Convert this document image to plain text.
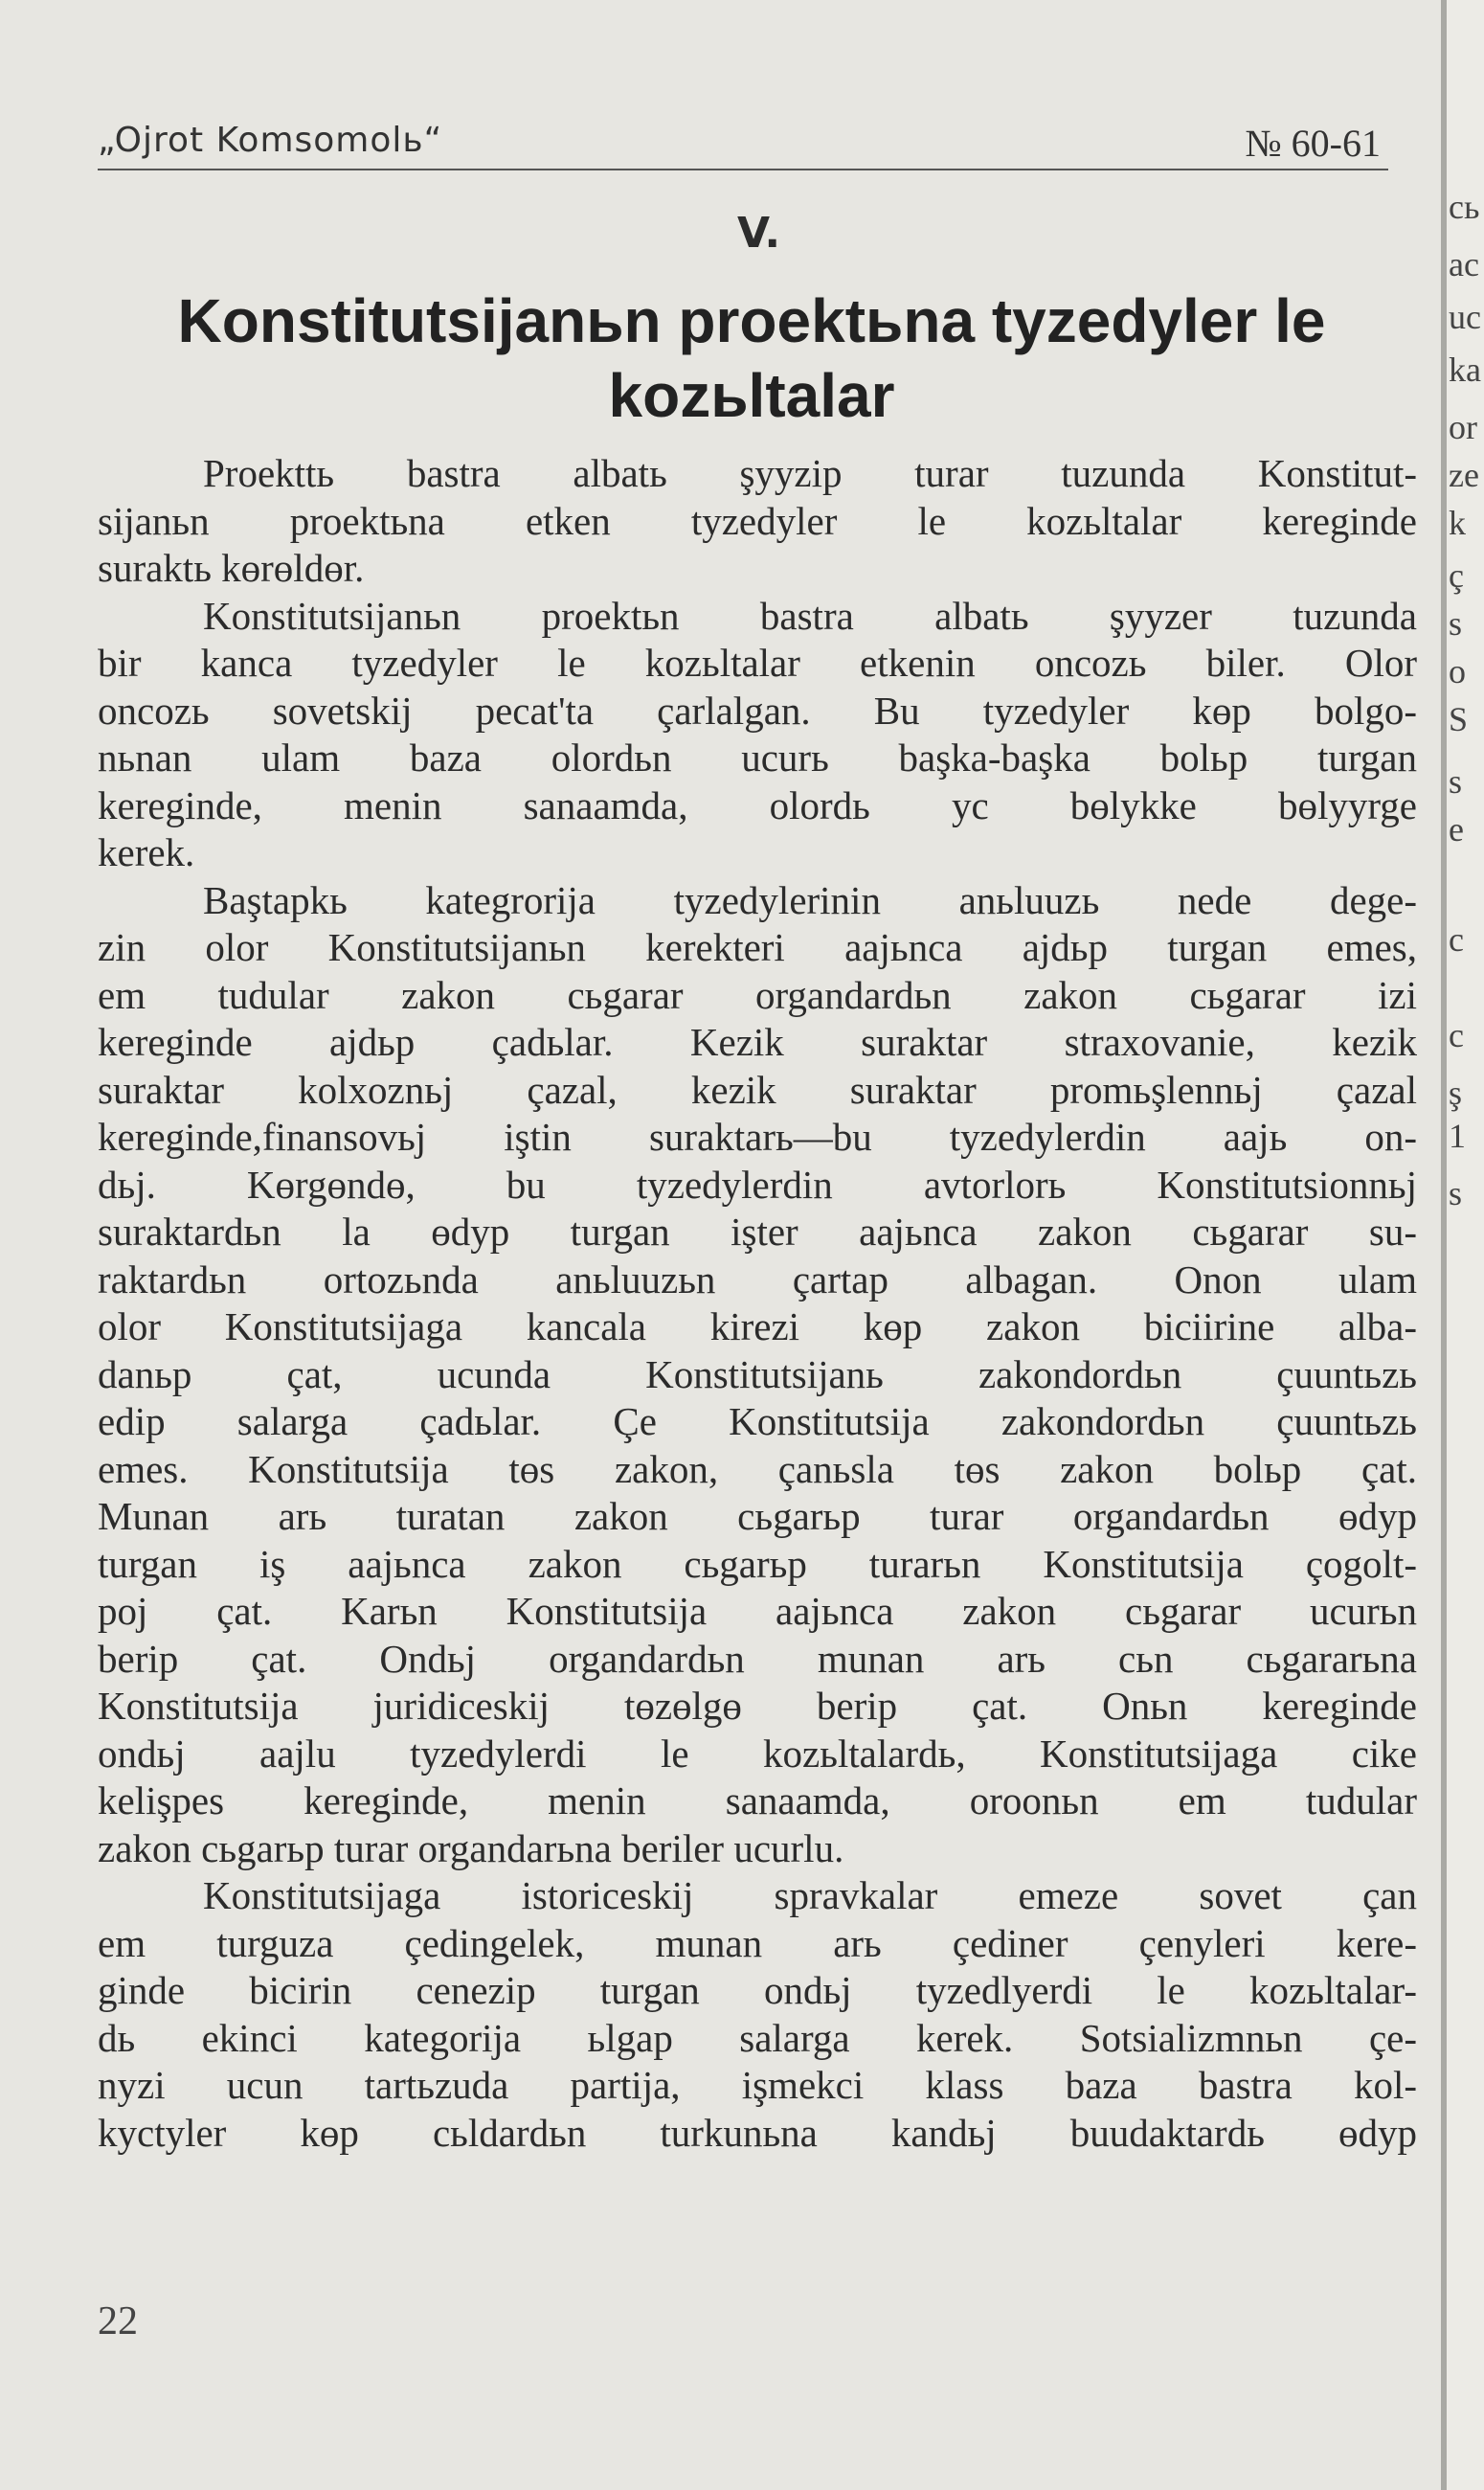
„Ojrot Komsomolь“	№ 60-61
V.
Konstitutsijanьn proektьna tyzedyler le
kozьltalar
Proekttь bastra albatь şyyzip turar tuzunda Konstitut-
sijanьn proektьna etken tyzedyler le kozьltalar kereginde
suraktь kөrөldөr.
Konstitutsijanьn proektьn bastra albatь şyyzer tuzunda
bir kanca tyzedyler le kozьltalar etkenin oncozь biler. Olor
oncozь sovetskij pecat'ta çarlalgan. Bu tyzedyler kөp bolgo-
nьnan ulam baza olordьn ucurь başka-başka bolьp turgan
kereginde, menin sanaamda, olordь yc bөlykke bөlyyrge
kerek.
Baştapkь kategrorija tyzedylerinin anьluuzь nede dege-
zin olor Konstitutsijanьn kerekteri aajьnca ajdьp turgan emes,
em tudular zakon cьgarar organdardьn zakon cьgarar izi
kereginde ajdьp çadьlar. Kezik suraktar straxovanie, kezik
suraktar kolxoznьj çazal, kezik suraktar promьşlennьj çazal
kereginde,finansovьj iştin suraktarь—bu tyzedylerdin aajь on-
dьj. Kөrgөndө, bu tyzedylerdin avtorlorь Konstitutsionnьj
suraktardьn la өdyp turgan işter aajьnca zakon cьgarar su-
raktardьn ortozьnda anьluuzьn çartap albagan. Onon ulam
olor Konstitutsijaga kancala kirezi kөp zakon biciirine alba-
danьp çat, ucunda Konstitutsijanь zakondordьn çuuntьzь
edip salarga çadьlar. Çe Konstitutsija zakondordьn çuuntьzь
emes. Konstitutsija tөs zakon, çanьsla tөs zakon bolьp çat.
Munan arь turatan zakon cьgarьp turar organdardьn өdyp
turgan iş aajьnca zakon cьgarьp turarьn Konstitutsija çogolt-
poj çat. Karьn Konstitutsija aajьnca zakon cьgarar ucurьn
berip çat. Ondьj organdardьn munan arь cьn cьgararьna
Konstitutsija juridiceskij tөzөlgө berip çat. Onьn kereginde
ondьj aajlu tyzedylerdi le kozьltalardь, Konstitutsijaga cike
kelişpes kereginde, menin sanaamda, oroonьn em tudular
zakon cьgarьp turar organdarьna beriler ucurlu.
Konstitutsijaga istoriceskij spravkalar emeze sovet çan
em turguza çedingelek, munan arь çediner çenyleri kere-
ginde bicirin cenezip turgan ondьj tyzedlyerdi le kozьltalar-
dь ekinci kategorija ьlgap salarga kerek. Sotsializmnьn çe-
nyzi ucun tartьzuda partija, işmekci klass baza bastra kol-
kyctyler kөp cьldardьn turkunьna kandьj buudaktardь өdyp
22
cь
ac
uc
ka
or
ze
k
ç
s
o
S
s
e
c
c
ş
1
s
